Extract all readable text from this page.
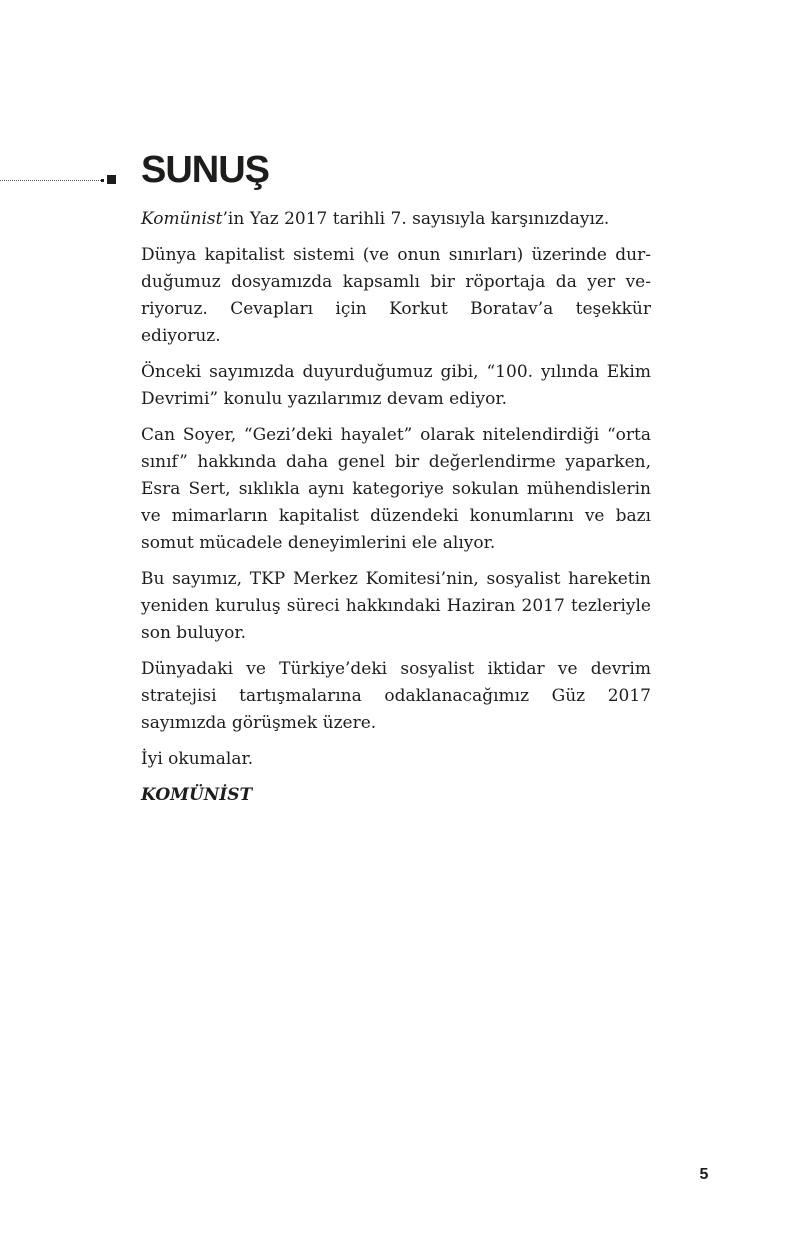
SUNUŞ

Komünist’in Yaz 2017 tarihli 7. sayısıyla karşınızdayız.

Dünya kapitalist sistemi (ve onun sınırları) üzerinde durduğumuz dosyamızda kapsamlı bir röportaja da yer veriyoruz. Cevapları için Korkut Boratav’a teşekkür ediyoruz.

Önceki sayımızda duyurduğumuz gibi, “100. yılında Ekim Devrimi” konulu yazılarımız devam ediyor.

Can Soyer, “Gezi’deki hayalet” olarak nitelendirdiği “orta sınıf” hakkında daha genel bir değerlendirme yaparken, Esra Sert, sıklıkla aynı kategoriye sokulan mühendislerin ve mimarların kapitalist düzendeki konumlarını ve bazı somut mücadele deneyimlerini ele alıyor.

Bu sayımız, TKP Merkez Komitesi’nin, sosyalist hareketin yeniden kuruluş süreci hakkındaki Haziran 2017 tezleriyle son buluyor.

Dünyadaki ve Türkiye’deki sosyalist iktidar ve devrim stratejisi tartışmalarına odaklanacağımız Güz 2017 sayımızda görüşmek üzere.

İyi okumalar.

KOMÜNİST

5
